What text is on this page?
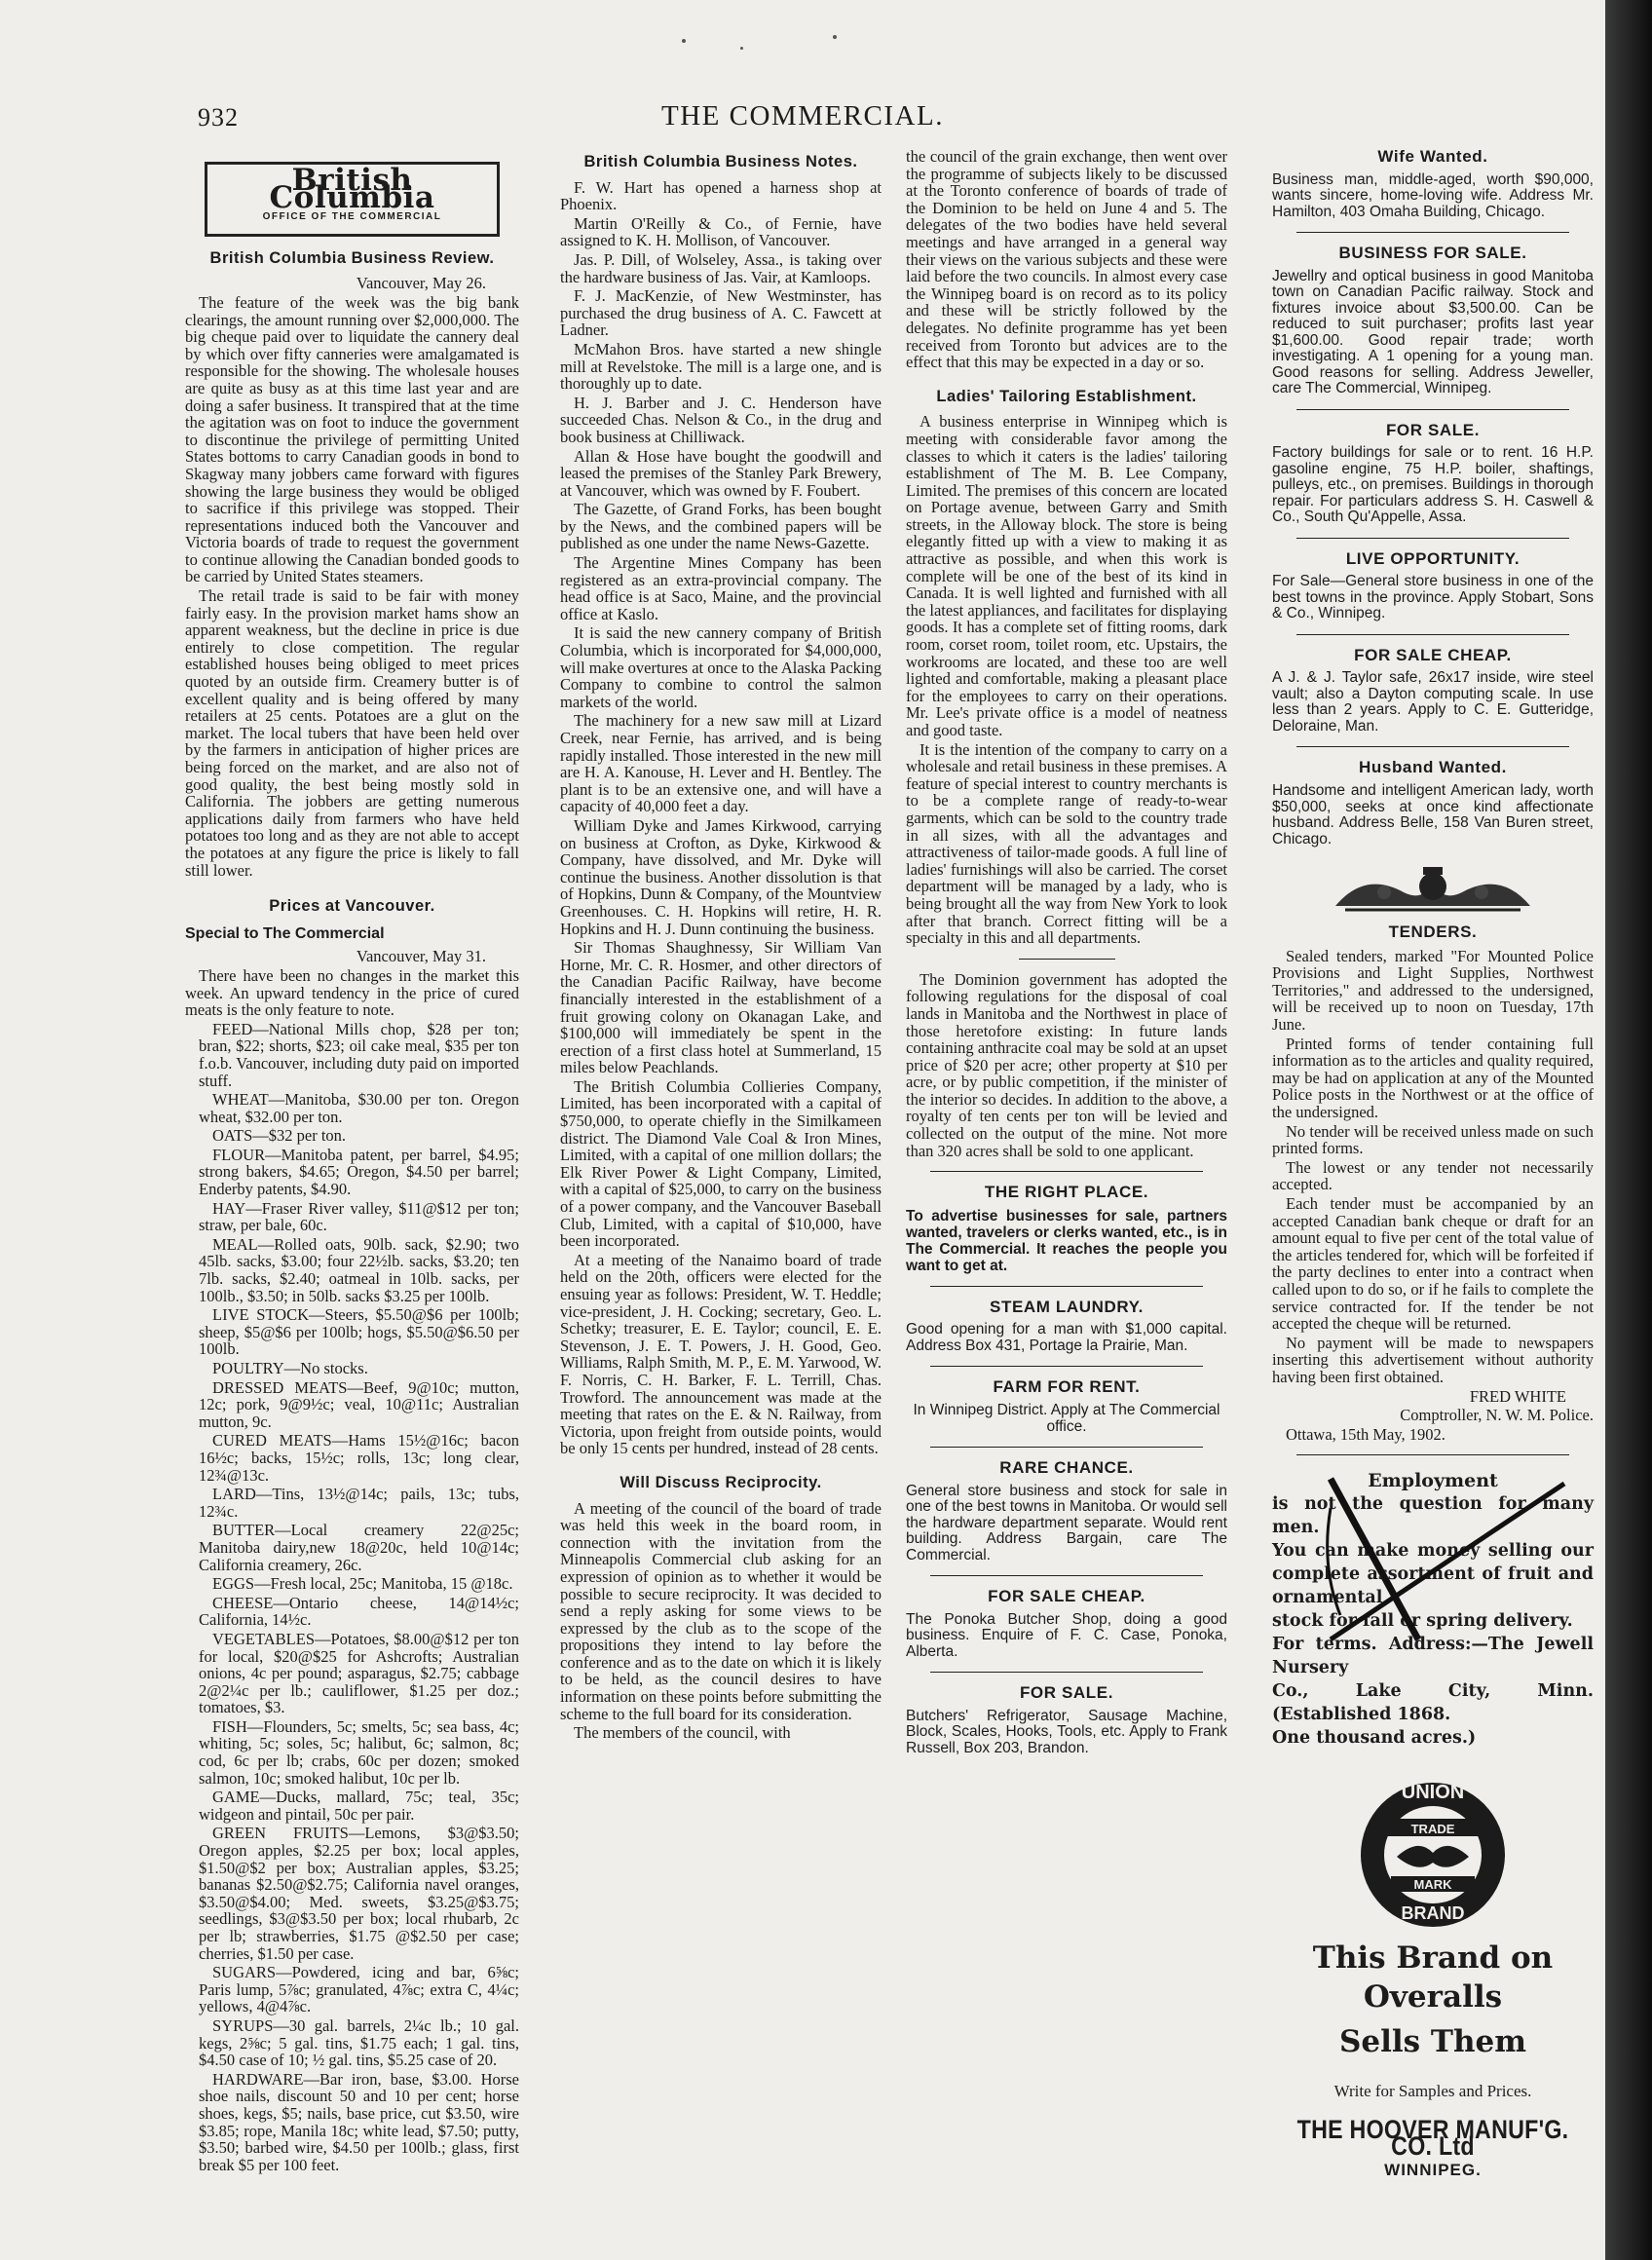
932	THE COMMERCIAL.
British Columbia
OFFICE OF THE COMMERCIAL
British Columbia Business Review.

Vancouver, May 26.

The feature of the week was the big bank clearings, the amount running over $2,000,000. The big cheque paid over to liquidate the cannery deal by which over fifty canneries were amalgamated is responsible for the showing. The wholesale houses are quite as busy as at this time last year and are doing a safer business. It transpired that at the time the agitation was on foot to induce the government to discontinue the privilege of permitting United States bottoms to carry Canadian goods in bond to Skagway many jobbers came forward with figures showing the large business they would be obliged to sacrifice if this privilege was stopped. Their representations induced both the Vancouver and Victoria boards of trade to request the government to continue allowing the Canadian bonded goods to be carried by United States steamers.

The retail trade is said to be fair with money fairly easy. In the provision market hams show an apparent weakness, but the decline in price is due entirely to close competition. The regular established houses being obliged to meet prices quoted by an outside firm. Creamery butter is of excellent quality and is being offered by many retailers at 25 cents. Potatoes are a glut on the market. The local tubers that have been held over by the farmers in anticipation of higher prices are being forced on the market, and are also not of good quality, the best being mostly sold in California. The jobbers are getting numerous applications daily from farmers who have held potatoes too long and as they are not able to accept the potatoes at any figure the price is likely to fall still lower.

Prices at Vancouver.
Special to The Commercial

Vancouver, May 31.

There have been no changes in the market this week. An upward tendency in the price of cured meats is the only feature to note.

FEED—National Mills chop, $28 per ton; bran, $22; shorts, $23; oil cake meal, $35 per ton f.o.b. Vancouver, including duty paid on imported stuff.

WHEAT—Manitoba, $30.00 per ton. Oregon wheat, $32.00 per ton.

OATS—$32 per ton.

FLOUR—Manitoba patent, per barrel, $4.95; strong bakers, $4.65; Oregon, $4.50 per barrel; Enderby patents, $4.90.

HAY—Fraser River valley, $11@$12 per ton; straw, per bale, 60c.

MEAL—Rolled oats, 90lb. sack, $2.90; two 45lb. sacks, $3.00; four 22½lb. sacks, $3.20; ten 7lb. sacks, $2.40; oatmeal in 10lb. sacks, per 100lb., $3.50; in 50lb. sacks $3.25 per 100lb.

LIVE STOCK—Steers, $5.50@$6 per 100lb; sheep, $5@$6 per 100lb; hogs, $5.50@$6.50 per 100lb.

POULTRY—No stocks.

DRESSED MEATS—Beef, 9@10c; mutton, 12c; pork, 9@9½c; veal, 10@11c; Australian mutton, 9c.

CURED MEATS—Hams 15½@16c; bacon 16½c; backs, 15½c; rolls, 13c; long clear, 12¾@13c.

LARD—Tins, 13½@14c; pails, 13c; tubs, 12¾c.

BUTTER—Local creamery 22@25c; Manitoba dairy,new 18@20c, held 10@14c; California creamery, 26c.

EGGS—Fresh local, 25c; Manitoba, 15 @18c.

CHEESE—Ontario cheese, 14@14½c; California, 14½c.

VEGETABLES—Potatoes, $8.00@$12 per ton for local, $20@$25 for Ashcrofts; Australian onions, 4c per pound; asparagus, $2.75; cabbage 2@2¼c per lb.; cauliflower, $1.25 per doz.; tomatoes, $3.

FISH—Flounders, 5c; smelts, 5c; sea bass, 4c; whiting, 5c; soles, 5c; halibut, 6c; salmon, 8c; cod, 6c per lb; crabs, 60c per dozen; smoked salmon, 10c; smoked halibut, 10c per lb.

GAME—Ducks, mallard, 75c; teal, 35c; widgeon and pintail, 50c per pair.

GREEN FRUITS—Lemons, $3@$3.50; Oregon apples, $2.25 per box; local apples, $1.50@$2 per box; Australian apples, $3.25; bananas $2.50@$2.75; California navel oranges, $3.50@$4.00; Med. sweets, $3.25@$3.75; seedlings, $3@$3.50 per box; local rhubarb, 2c per lb; strawberries, $1.75 @$2.50 per case; cherries, $1.50 per case.

SUGARS—Powdered, icing and bar, 6⅝c; Paris lump, 5⅞c; granulated, 4⅞c; extra C, 4¼c; yellows, 4@4⅞c.

SYRUPS—30 gal. barrels, 2¼c lb.; 10 gal. kegs, 2⅝c; 5 gal. tins, $1.75 each; 1 gal. tins, $4.50 case of 10; ½ gal. tins, $5.25 case of 20.

HARDWARE—Bar iron, base, $3.00. Horse shoe nails, discount 50 and 10 per cent; horse shoes, kegs, $5; nails, base price, cut $3.50, wire $3.85; rope, Manila 18c; white lead, $7.50; putty, $3.50; barbed wire, $4.50 per 100lb.; glass, first break $5 per 100 feet.

British Columbia Business Notes.

F. W. Hart has opened a harness shop at Phoenix.

Martin O'Reilly & Co., of Fernie, have assigned to K. H. Mollison, of Vancouver.

Jas. P. Dill, of Wolseley, Assa., is taking over the hardware business of Jas. Vair, at Kamloops.

F. J. MacKenzie, of New Westminster, has purchased the drug business of A. C. Fawcett at Ladner.

McMahon Bros. have started a new shingle mill at Revelstoke. The mill is a large one, and is thoroughly up to date.

H. J. Barber and J. C. Henderson have succeeded Chas. Nelson & Co., in the drug and book business at Chilliwack.

Allan & Hose have bought the goodwill and leased the premises of the Stanley Park Brewery, at Vancouver, which was owned by F. Foubert.

The Gazette, of Grand Forks, has been bought by the News, and the combined papers will be published as one under the name News-Gazette.

The Argentine Mines Company has been registered as an extra-provincial company. The head office is at Saco, Maine, and the provincial office at Kaslo.

It is said the new cannery company of British Columbia, which is incorporated for $4,000,000, will make overtures at once to the Alaska Packing Company to combine to control the salmon markets of the world.

The machinery for a new saw mill at Lizard Creek, near Fernie, has arrived, and is being rapidly installed. Those interested in the new mill are H. A. Kanouse, H. Lever and H. Bentley. The plant is to be an extensive one, and will have a capacity of 40,000 feet a day.

William Dyke and James Kirkwood, carrying on business at Crofton, as Dyke, Kirkwood & Company, have dissolved, and Mr. Dyke will continue the business. Another dissolution is that of Hopkins, Dunn & Company, of the Mountview Greenhouses. C. H. Hopkins will retire, H. R. Hopkins and H. J. Dunn continuing the business.

Sir Thomas Shaughnessy, Sir William Van Horne, Mr. C. R. Hosmer, and other directors of the Canadian Pacific Railway, have become financially interested in the establishment of a fruit growing colony on Okanagan Lake, and $100,000 will immediately be spent in the erection of a first class hotel at Summerland, 15 miles below Peachlands.

The British Columbia Collieries Company, Limited, has been incorporated with a capital of $750,000, to operate chiefly in the Similkameen district. The Diamond Vale Coal & Iron Mines, Limited, with a capital of one million dollars; the Elk River Power & Light Company, Limited, with a capital of $25,000, to carry on the business of a power company, and the Vancouver Baseball Club, Limited, with a capital of $10,000, have been incorporated.

At a meeting of the Nanaimo board of trade held on the 20th, officers were elected for the ensuing year as follows: President, W. T. Heddle; vice-president, J. H. Cocking; secretary, Geo. L. Schetky; treasurer, E. E. Taylor; council, E. E. Stevenson, J. E. T. Powers, J. H. Good, Geo. Williams, Ralph Smith, M. P., E. M. Yarwood, W. F. Norris, C. H. Barker, F. L. Terrill, Chas. Trowford. The announcement was made at the meeting that rates on the E. & N. Railway, from Victoria, upon freight from outside points, would be only 15 cents per hundred, instead of 28 cents.

Will Discuss Reciprocity.

A meeting of the council of the board of trade was held this week in the board room, in connection with the invitation from the Minneapolis Commercial club asking for an expression of opinion as to whether it would be possible to secure reciprocity. It was decided to send a reply asking for some views to be expressed by the club as to the scope of the propositions they intend to lay before the conference and as to the date on which it is likely to be held, as the council desires to have information on these points before submitting the scheme to the full board for its consideration.

The members of the council, with

the council of the grain exchange, then went over the programme of subjects likely to be discussed at the Toronto conference of boards of trade of the Dominion to be held on June 4 and 5. The delegates of the two bodies have held several meetings and have arranged in a general way their views on the various subjects and these were laid before the two councils. In almost every case the Winnipeg board is on record as to its policy and these will be strictly followed by the delegates. No definite programme has yet been received from Toronto but advices are to the effect that this may be expected in a day or so.

Ladies' Tailoring Establishment.

A business enterprise in Winnipeg which is meeting with considerable favor among the classes to which it caters is the ladies' tailoring establishment of The M. B. Lee Company, Limited. The premises of this concern are located on Portage avenue, between Garry and Smith streets, in the Alloway block. The store is being elegantly fitted up with a view to making it as attractive as possible, and when this work is complete will be one of the best of its kind in Canada. It is well lighted and furnished with all the latest appliances, and facilitates for displaying goods. It has a complete set of fitting rooms, dark room, corset room, toilet room, etc. Upstairs, the workrooms are located, and these too are well lighted and comfortable, making a pleasant place for the employees to carry on their operations. Mr. Lee's private office is a model of neatness and good taste.

It is the intention of the company to carry on a wholesale and retail business in these premises. A feature of special interest to country merchants is to be a complete range of ready-to-wear garments, which can be sold to the country trade in all sizes, with all the advantages and attractiveness of tailor-made goods. A full line of ladies' furnishings will also be carried. The corset department will be managed by a lady, who is being brought all the way from New York to look after that branch. Correct fitting will be a specialty in this and all departments.

The Dominion government has adopted the following regulations for the disposal of coal lands in Manitoba and the Northwest in place of those heretofore existing: In future lands containing anthracite coal may be sold at an upset price of $20 per acre; other property at $10 per acre, or by public competition, if the minister of the interior so decides. In addition to the above, a royalty of ten cents per ton will be levied and collected on the output of the mine. Not more than 320 acres shall be sold to one applicant.

THE RIGHT PLACE.
To advertise businesses for sale, partners wanted, travelers or clerks wanted, etc., is in The Commercial. It reaches the people you want to get at.
STEAM LAUNDRY.
Good opening for a man with $1,000 capital. Address Box 431, Portage la Prairie, Man.
FARM FOR RENT.
In Winnipeg District. Apply at The Commercial office.
RARE CHANCE.
General store business and stock for sale in one of the best towns in Manitoba. Or would sell the hardware department separate. Would rent building. Address Bargain, care The Commercial.
FOR SALE CHEAP.
The Ponoka Butcher Shop, doing a good business. Enquire of F. C. Case, Ponoka, Alberta.
FOR SALE.
Butchers' Refrigerator, Sausage Machine, Block, Scales, Hooks, Tools, etc. Apply to Frank Russell, Box 203, Brandon.
Wife Wanted.
Business man, middle-aged, worth $90,000, wants sincere, home-loving wife. Address Mr. Hamilton, 403 Omaha Building, Chicago.
BUSINESS FOR SALE.
Jewellry and optical business in good Manitoba town on Canadian Pacific railway. Stock and fixtures invoice about $3,500.00. Can be reduced to suit purchaser; profits last year $1,600.00. Good repair trade; worth investigating. A 1 opening for a young man. Good reasons for selling. Address Jeweller, care The Commercial, Winnipeg.
FOR SALE.
Factory buildings for sale or to rent. 16 H.P. gasoline engine, 75 H.P. boiler, shaftings, pulleys, etc., on premises. Buildings in thorough repair. For particulars address S. H. Caswell & Co., South Qu'Appelle, Assa.
LIVE OPPORTUNITY.
For Sale—General store business in one of the best towns in the province. Apply Stobart, Sons & Co., Winnipeg.
FOR SALE CHEAP.
A J. & J. Taylor safe, 26x17 inside, wire steel vault; also a Dayton computing scale. In use less than 2 years. Apply to C. E. Gutteridge, Deloraine, Man.
Husband Wanted.
Handsome and intelligent American lady, worth $50,000, seeks at once kind affectionate husband. Address Belle, 158 Van Buren street, Chicago.
TENDERS.

Sealed tenders, marked "For Mounted Police Provisions and Light Supplies, Northwest Territories," and addressed to the undersigned, will be received up to noon on Tuesday, 17th June.

Printed forms of tender containing full information as to the articles and quality required, may be had on application at any of the Mounted Police posts in the Northwest or at the office of the undersigned.

No tender will be received unless made on such printed forms.

The lowest or any tender not necessarily accepted.

Each tender must be accompanied by an accepted Canadian bank cheque or draft for an amount equal to five per cent of the total value of the articles tendered for, which will be forfeited if the party declines to enter into a contract when called upon to do so, or if he fails to complete the service contracted for. If the tender be not accepted the cheque will be returned.

No payment will be made to newspapers inserting this advertisement without authority having been first obtained.

FRED WHITE

Comptroller, N. W. M. Police.

Ottawa, 15th May, 1902.

Employment
is not the question for many men.
You can make money selling our complete assortment of fruit and ornamental
stock for fall or spring delivery.
For terms. Address:—The Jewell Nursery
Co., Lake City, Minn. (Established 1868.
One thousand acres.)
UNION
TRADE
MARK
BRAND
This Brand on Overalls
Sells Them
Write for Samples and Prices.
THE HOOVER MANUF'G. CO. Ltd
WINNIPEG.
